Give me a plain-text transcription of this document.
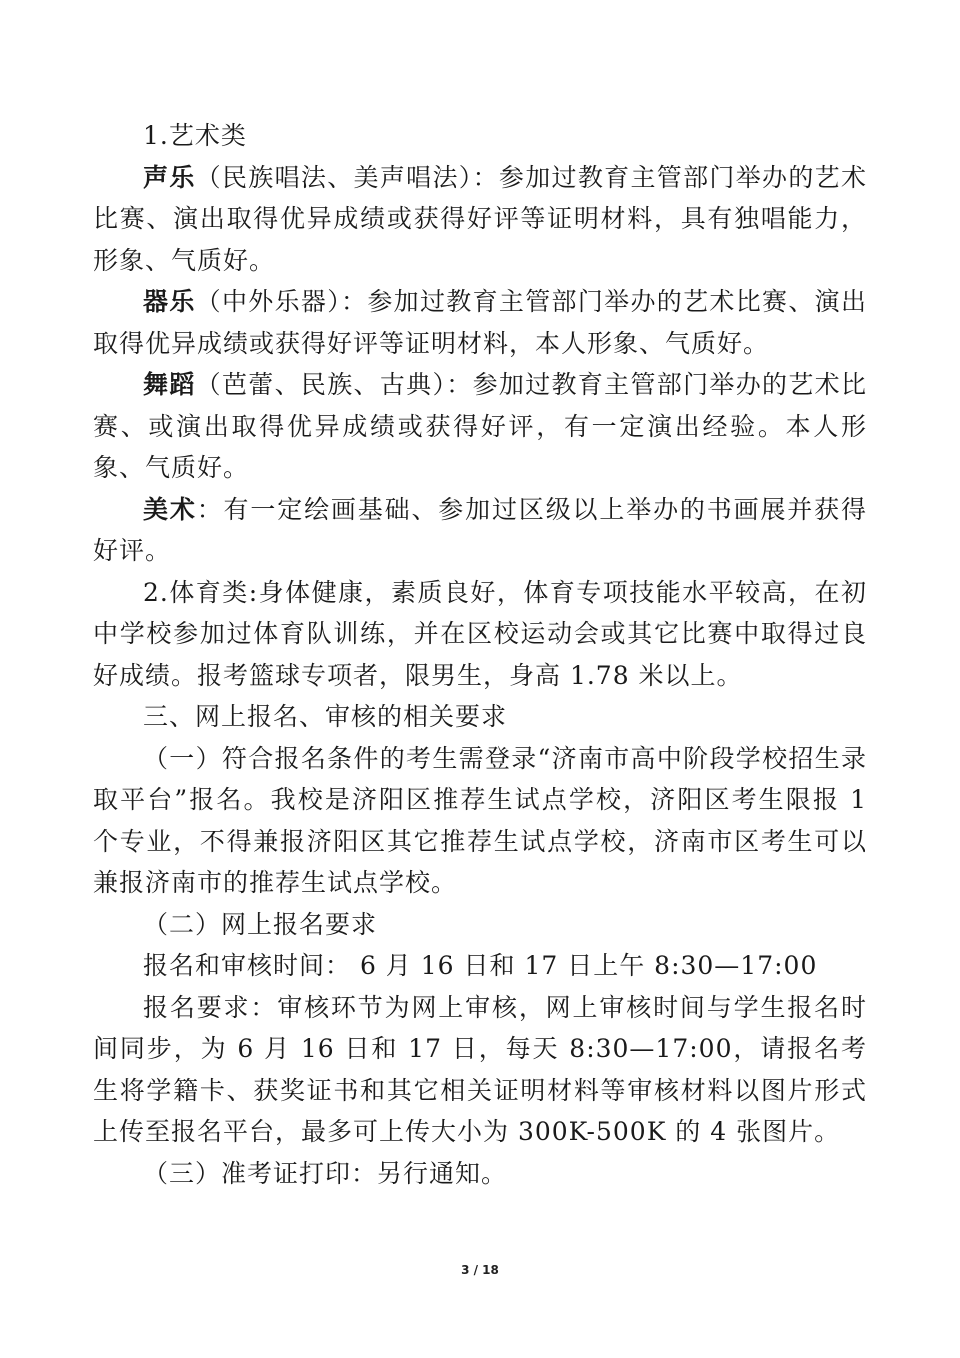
1.艺术类

声乐（民族唱法、美声唱法）：参加过教育主管部门举办的艺术比赛、演出取得优异成绩或获得好评等证明材料，具有独唱能力，形象、气质好。

器乐（中外乐器）：参加过教育主管部门举办的艺术比赛、演出取得优异成绩或获得好评等证明材料，本人形象、气质好。

舞蹈（芭蕾、民族、古典）：参加过教育主管部门举办的艺术比赛、或演出取得优异成绩或获得好评，有一定演出经验。本人形象、气质好。

美术：有一定绘画基础、参加过区级以上举办的书画展并获得好评。

2.体育类:身体健康，素质良好，体育专项技能水平较高，在初中学校参加过体育队训练，并在区校运动会或其它比赛中取得过良好成绩。报考篮球专项者，限男生，身高 1.78 米以上。

三、网上报名、审核的相关要求

（一）符合报名条件的考生需登录“济南市高中阶段学校招生录取平台”报名。我校是济阳区推荐生试点学校，济阳区考生限报 1 个专业，不得兼报济阳区其它推荐生试点学校，济南市区考生可以兼报济南市的推荐生试点学校。

（二）网上报名要求

报名和审核时间： 6 月 16 日和 17 日上午 8:30—17:00

报名要求：审核环节为网上审核，网上审核时间与学生报名时间同步，为 6 月 16 日和 17 日，每天 8:30—17:00，请报名考生将学籍卡、获奖证书和其它相关证明材料等审核材料以图片形式上传至报名平台，最多可上传大小为 300K-500K 的 4 张图片。

（三）准考证打印：另行通知。

3 / 18
